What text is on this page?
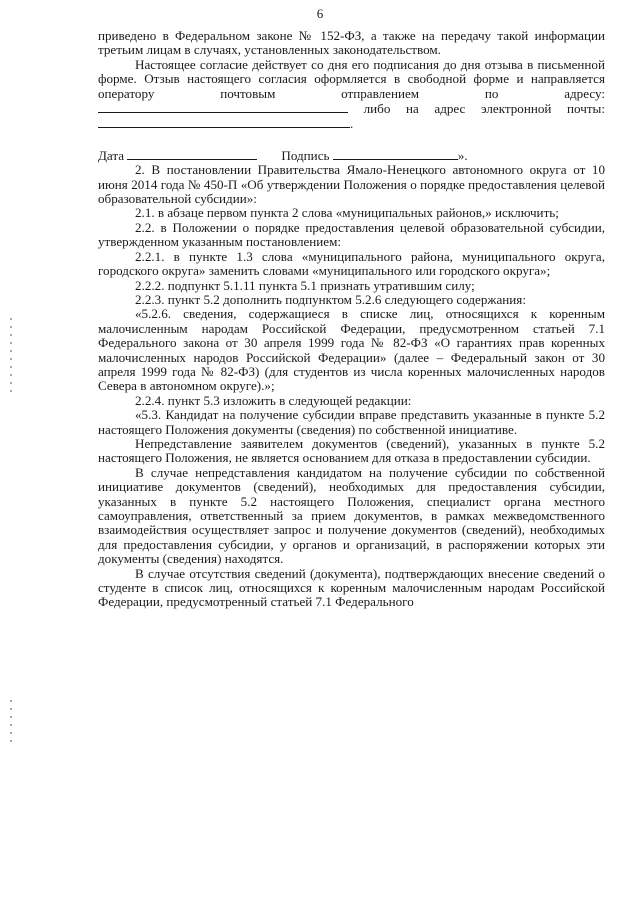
6

приведено в Федеральном законе № 152-ФЗ, а также на передачу такой информации третьим лицам в случаях, установленных законодательством.

Настоящее согласие действует со дня его подписания до дня отзыва в письменной форме. Отзыв настоящего согласия оформляется в свободной форме и направляется оператору почтовым отправлением по адресу:  либо на адрес электронной почты: .

Дата	Подпись	».

2. В постановлении Правительства Ямало-Ненецкого автономного округа от 10 июня 2014 года № 450-П «Об утверждении Положения о порядке предоставления целевой образовательной субсидии»:

2.1. в абзаце первом пункта 2 слова «муниципальных районов,» исключить;

2.2. в Положении о порядке предоставления целевой образовательной субсидии, утвержденном указанным постановлением:

2.2.1. в пункте 1.3 слова «муниципального района, муниципального округа, городского округа» заменить словами «муниципального или городского округа»;

2.2.2. подпункт 5.1.11 пункта 5.1 признать утратившим силу;

2.2.3. пункт 5.2 дополнить подпунктом 5.2.6 следующего содержания:

«5.2.6. сведения, содержащиеся в списке лиц, относящихся к коренным малочисленным народам Российской Федерации, предусмотренном статьей 7.1 Федерального закона от 30 апреля 1999 года № 82-ФЗ «О гарантиях прав коренных малочисленных народов Российской Федерации» (далее – Федеральный закон от 30 апреля 1999 года № 82-ФЗ) (для студентов из числа коренных малочисленных народов Севера в автономном округе).»;

2.2.4. пункт 5.3 изложить в следующей редакции:

«5.3. Кандидат на получение субсидии вправе представить указанные в пункте 5.2 настоящего Положения документы (сведения) по собственной инициативе.

Непредставление заявителем документов (сведений), указанных в пункте 5.2 настоящего Положения, не является основанием для отказа в предоставлении субсидии.

В случае непредставления кандидатом на получение субсидии по собственной инициативе документов (сведений), необходимых для предоставления субсидии, указанных в пункте 5.2 настоящего Положения, специалист органа местного самоуправления, ответственный за прием документов, в рамках межведомственного взаимодействия осуществляет запрос и получение документов (сведений), необходимых для предоставления субсидии, у органов и организаций, в распоряжении которых эти документы (сведения) находятся.

В случае отсутствия сведений (документа), подтверждающих внесение сведений о студенте в список лиц, относящихся к коренным малочисленным народам Российской Федерации, предусмотренный статьей 7.1 Федерального
